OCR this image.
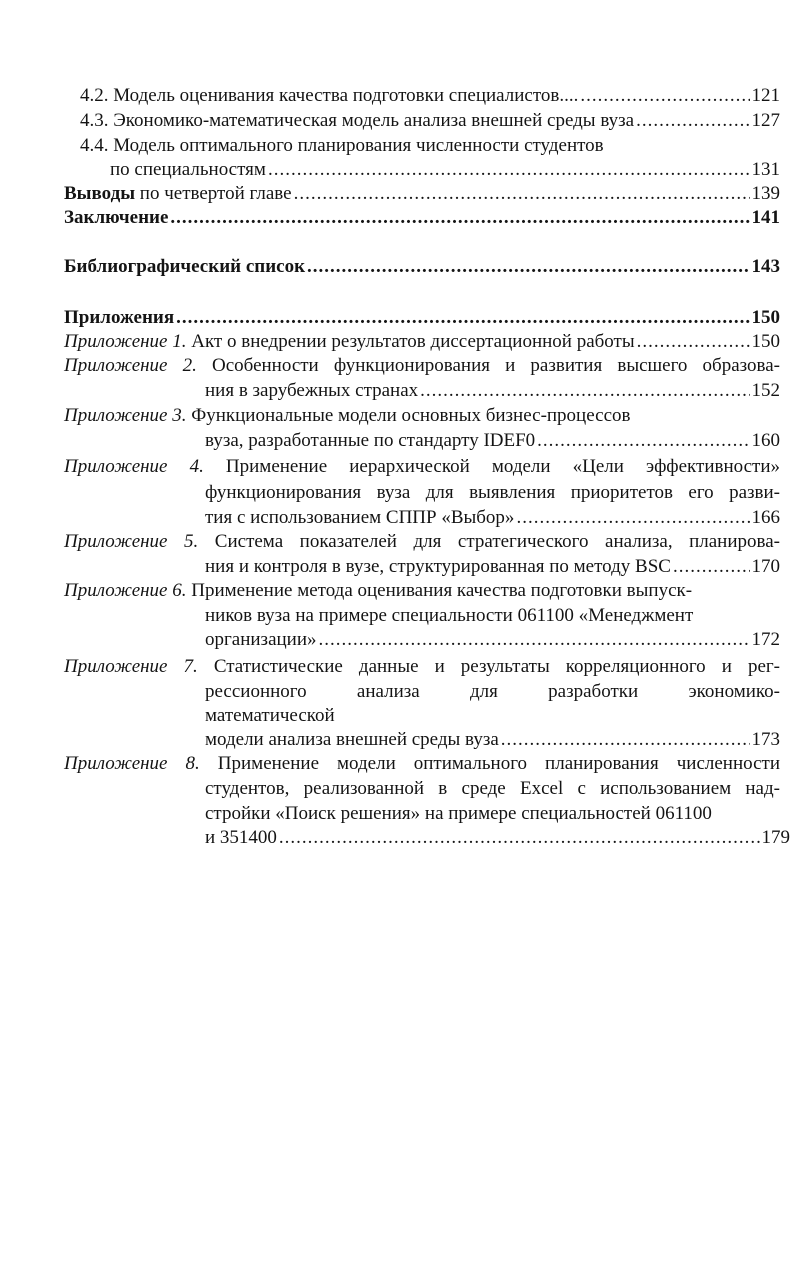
4.2. Модель оценивания качества подготовки специалистов.... .....	121
4.3. Экономико-математическая модель анализа внешней среды вуза .....	127
4.4. Модель оптимального планирования численности студентов
по специальностям .....	131
Выводы по четвертой главе .....	139
Заключение .....	141
Библиографический список .....	143
Приложения .....	150
Приложение 1. Акт о внедрении результатов диссертационной работы .....	150
Приложение 2. Особенности функционирования и развития высшего образова-
ния в зарубежных странах .....	152
Приложение 3. Функциональные модели основных бизнес-процессов
вуза, разработанные по стандарту IDEF0 .....	160
Приложение 4. Применение иерархической модели «Цели эффективности»
функционирования вуза для выявления приоритетов его разви-
тия с использованием СППР «Выбор» .....	166
Приложение 5. Система показателей для стратегического анализа, планирова-
ния и контроля в вузе, структурированная по методу BSC .....	170
Приложение 6. Применение метода оценивания качества подготовки выпуск-
ников вуза на примере специальности 061100 «Менеджмент
организации» .....	172
Приложение 7. Статистические данные и результаты корреляционного и рег-
рессионного      анализа      для      разработки      экономико-
математической
модели анализа внешней среды вуза .....	173
Приложение 8. Применение модели оптимального планирования численности
студентов, реализованной в среде Excel с использованием над-
стройки «Поиск решения» на примере специальностей 061100
и 351400 .....	179
